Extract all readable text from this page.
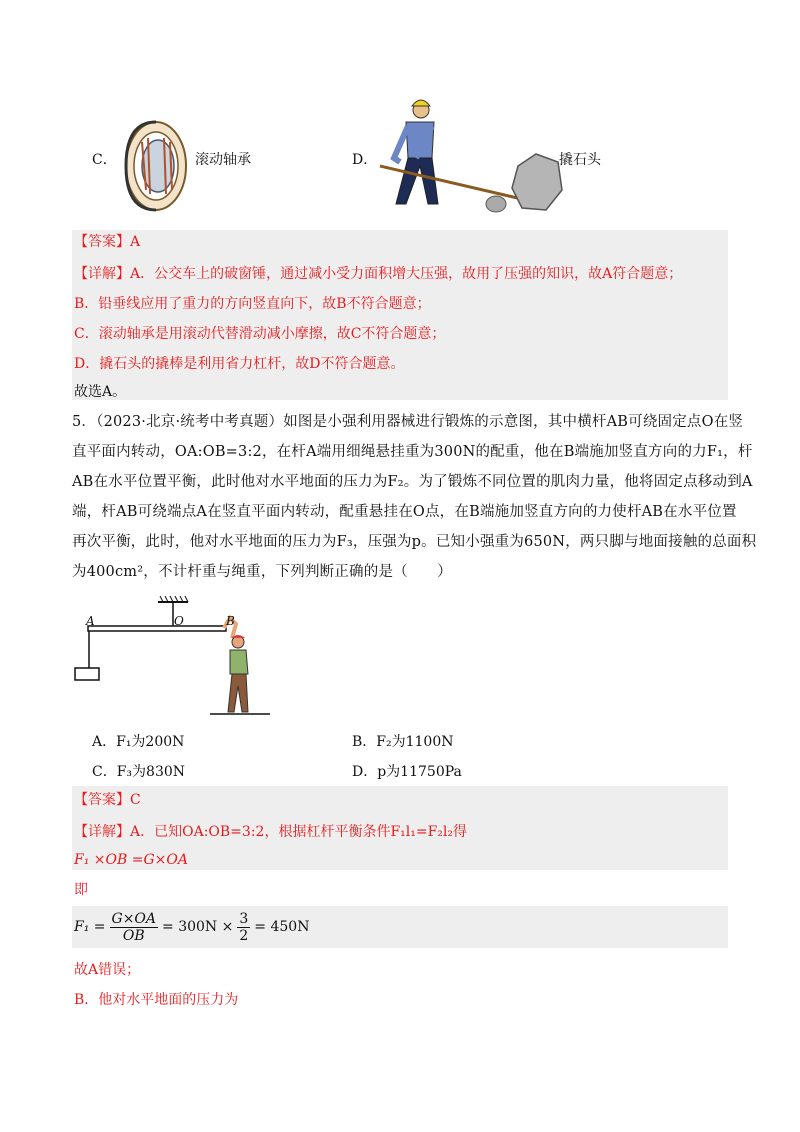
C．	滚动轴承	D．	撬石头
【答案】A
【详解】A．公交车上的破窗锤，通过减小受力面积增大压强，故用了压强的知识，故A符合题意；
B．铅垂线应用了重力的方向竖直向下，故B不符合题意；
C．滚动轴承是用滚动代替滑动减小摩擦，故C不符合题意；
D．撬石头的撬棒是利用省力杠杆，故D不符合题意。
故选A。
5．（2023·北京·统考中考真题）如图是小强利用器械进行锻炼的示意图，其中横杆AB可绕固定点O在竖
直平面内转动，OA:OB=3:2，在杆A端用细绳悬挂重为300N的配重，他在B端施加竖直方向的力F₁，杆
AB在水平位置平衡，此时他对水平地面的压力为F₂。为了锻炼不同位置的肌肉力量，他将固定点移动到A
端，杆AB可绕端点A在竖直平面内转动，配重悬挂在O点，在B端施加竖直方向的力使杆AB在水平位置
再次平衡，此时，他对水平地面的压力为F₃，压强为p。已知小强重为650N，两只脚与地面接触的总面积
为400cm²，不计杆重与绳重，下列判断正确的是（　　）
A	O	B
A．F₁为200N	B．F₂为1100N
C．F₃为830N	D．p为11750Pa
【答案】C
【详解】A．已知OA:OB=3:2，根据杠杆平衡条件F₁l₁=F₂l₂得
F₁ ×OB =G×OA
即
$F_1 = \frac{G\times OA}{OB} = 300N \times \frac{3}{2} = 450N$
故A错误；
B．他对水平地面的压力为
